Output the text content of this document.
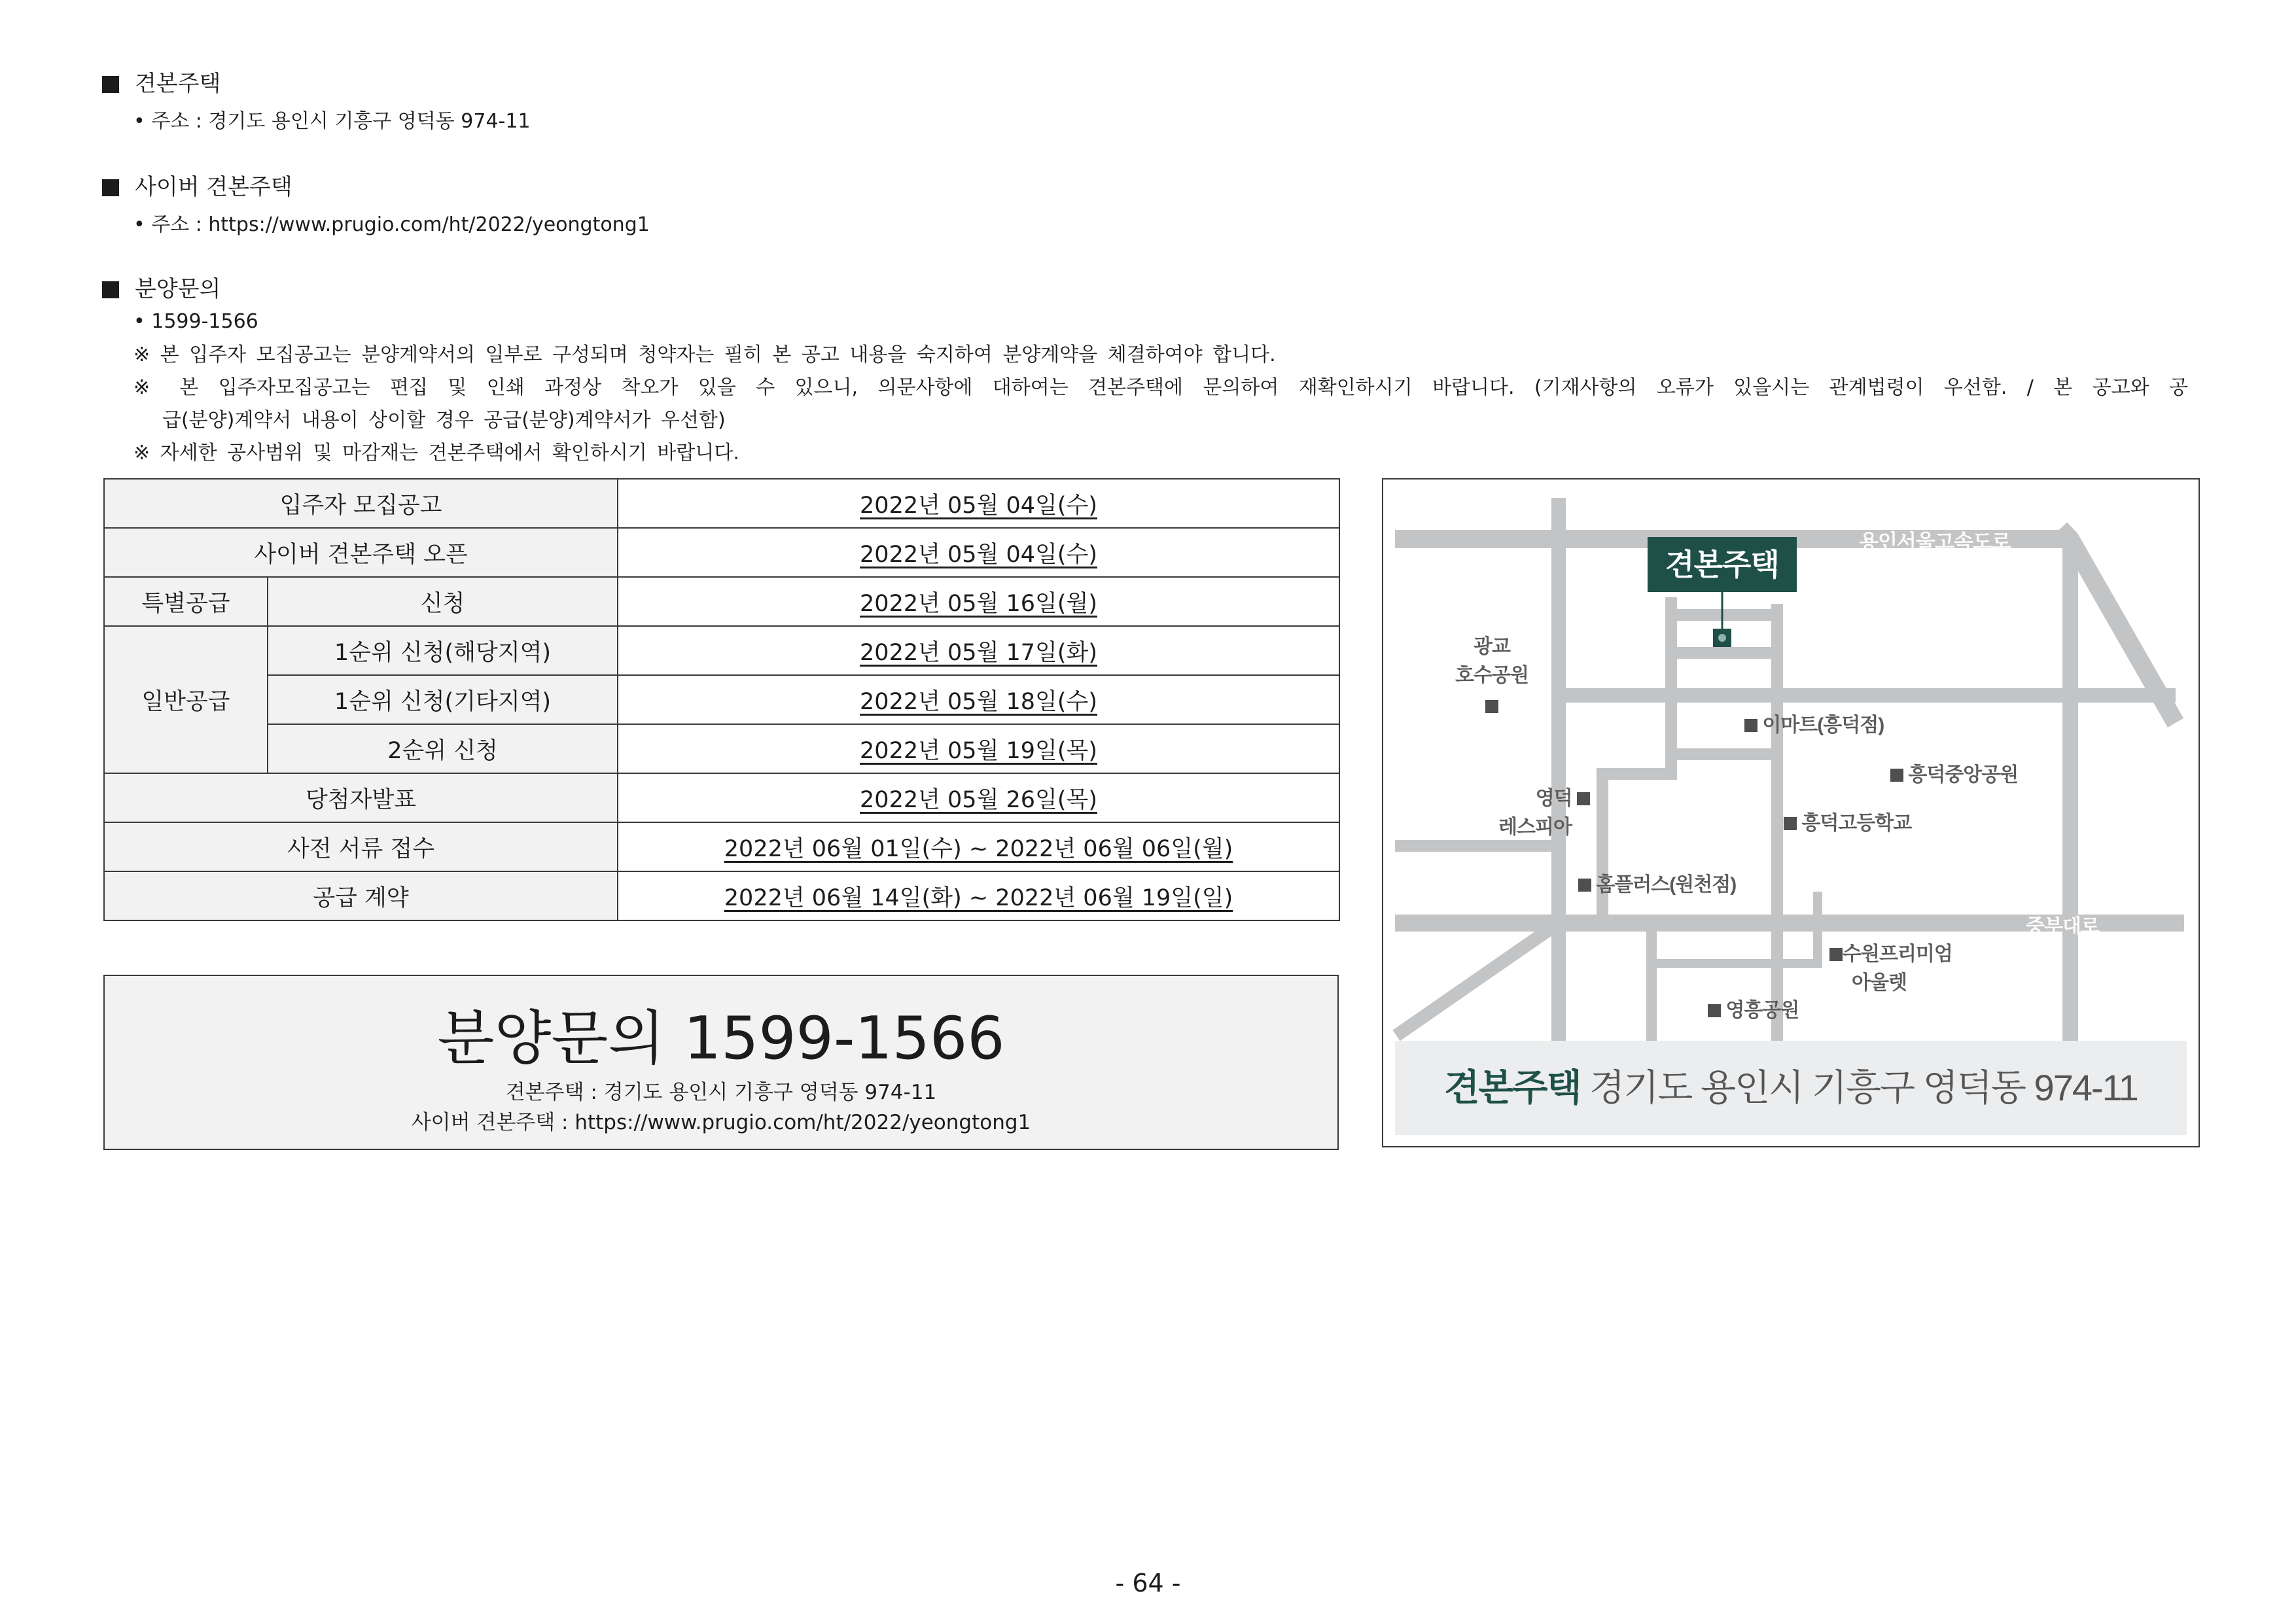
견본주택
• 주소 : 경기도 용인시 기흥구 영덕동 974-11
사이버 견본주택
• 주소 : https://www.prugio.com/ht/2022/yeongtong1
분양문의
• 1599-1566
※ 본 입주자 모집공고는 분양계약서의 일부로 구성되며 청약자는 필히 본 공고 내용을 숙지하여 분양계약을 체결하여야 합니다.
※ 본 입주자모집공고는 편집 및 인쇄 과정상 착오가 있을 수 있으니, 의문사항에 대하여는 견본주택에 문의하여 재확인하시기 바랍니다. (기재사항의 오류가 있을시는 관계법령이 우선함. / 본 공고와 공
급(분양)계약서 내용이 상이할 경우 공급(분양)계약서가 우선함)
※ 자세한 공사범위 및 마감재는 견본주택에서 확인하시기 바랍니다.
입주자 모집공고		2022년 05월 04일(수)
사이버 견본주택 오픈		2022년 05월 04일(수)
특별공급	신청	2022년 05월 16일(월)
일반공급	1순위 신청(해당지역)	2022년 05월 17일(화)
	1순위 신청(기타지역)	2022년 05월 18일(수)
	2순위 신청	2022년 05월 19일(목)
당첨자발표		2022년 05월 26일(목)
사전 서류 접수		2022년 06월 01일(수) ~ 2022년 06월 06일(월)
공급 계약		2022년 06월 14일(화) ~ 2022년 06월 19일(일)
분양문의 1599-1566
견본주택 : 경기도 용인시 기흥구 영덕동 974-11
사이버 견본주택 : https://www.prugio.com/ht/2022/yeongtong1
견본주택
용인서울고속도로
광교
호수공원
이마트(흥덕점)
흥덕중앙공원
영덕
레스피아	흥덕고등학교
홈플러스(원천점)
중부대로
수원프리미엄
아울렛
영흥공원
견본주택 경기도 용인시 기흥구 영덕동 974-11
- 64 -
